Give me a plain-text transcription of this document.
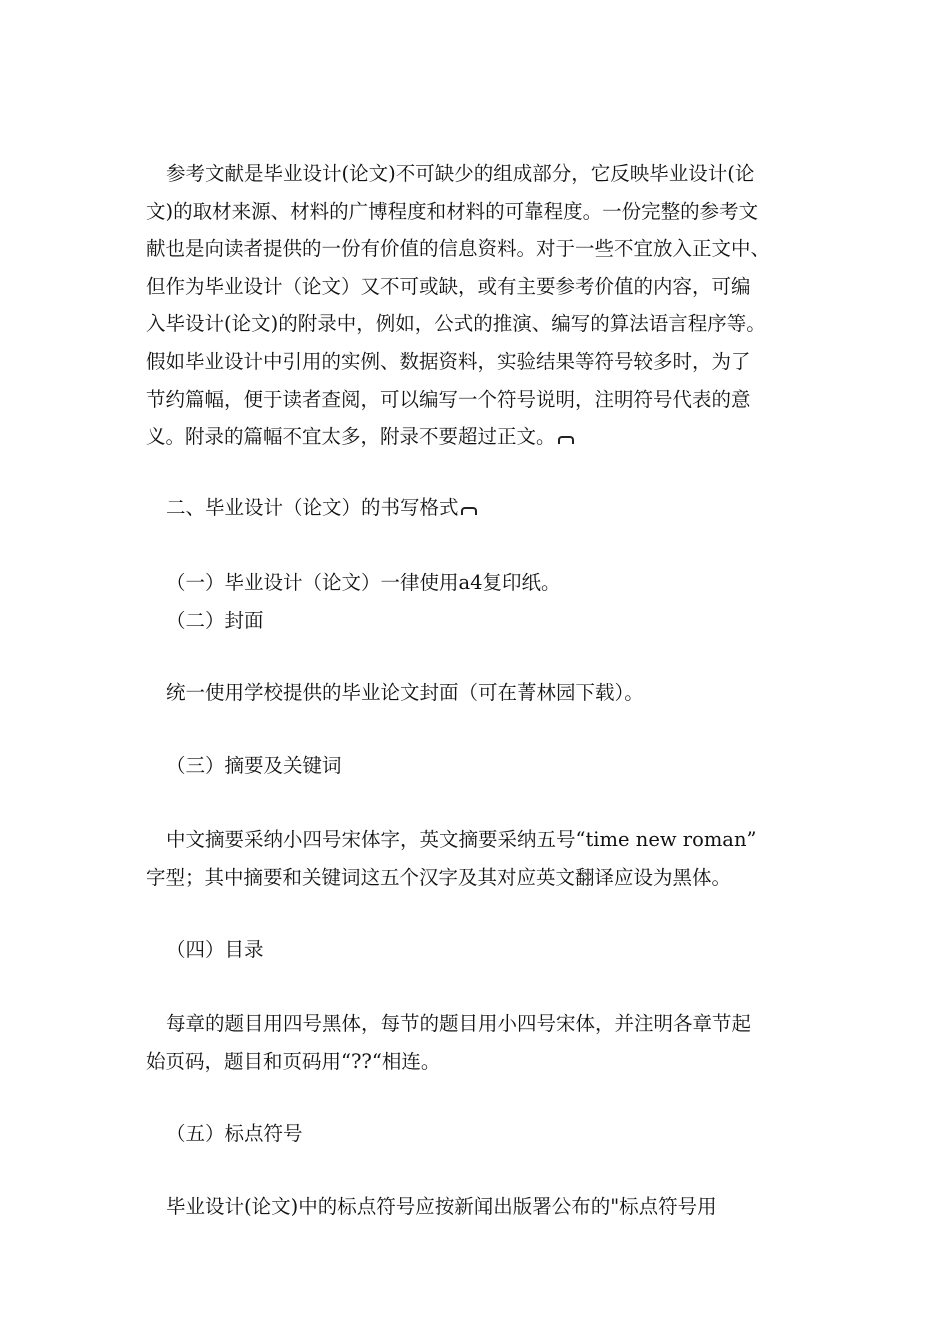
参考文献是毕业设计(论文)不可缺少的组成部分，它反映毕业设计(论
文)的取材来源、材料的广博程度和材料的可靠程度。一份完整的参考文
献也是向读者提供的一份有价值的信息资料。对于一些不宜放入正文中、
但作为毕业设计（论文）又不可或缺，或有主要参考价值的内容，可编
入毕设计(论文)的附录中，例如，公式的推演、编写的算法语言程序等。
假如毕业设计中引用的实例、数据资料，实验结果等符号较多时，为了
节约篇幅，便于读者查阅，可以编写一个符号说明，注明符号代表的意
义。附录的篇幅不宜太多，附录不要超过正文。
二、毕业设计（论文）的书写格式
（一）毕业设计（论文）一律使用a4复印纸。
（二）封面
统一使用学校提供的毕业论文封面（可在菁林园下载）。
（三）摘要及关键词
中文摘要采纳小四号宋体字，英文摘要采纳五号“time new roman”
字型；其中摘要和关键词这五个汉字及其对应英文翻译应设为黑体。
（四）目录
每章的题目用四号黑体，每节的题目用小四号宋体，并注明各章节起
始页码，题目和页码用“??“相连。
（五）标点符号
毕业设计(论文)中的标点符号应按新闻出版署公布的"标点符号用
